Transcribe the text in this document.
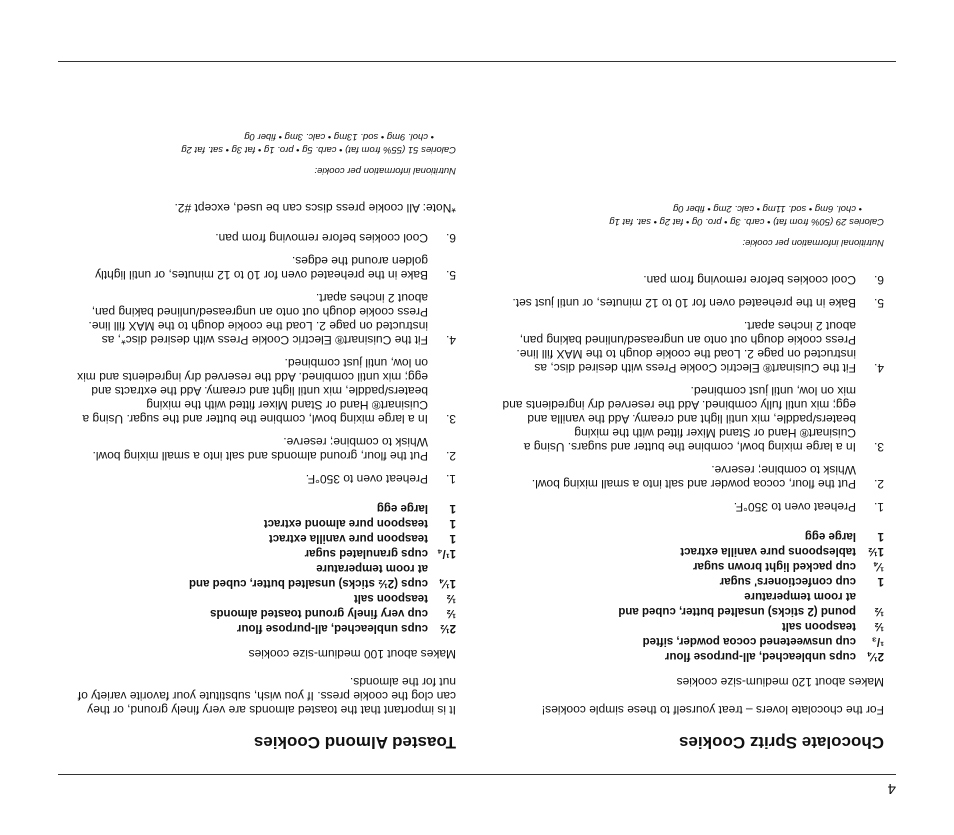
4
Chocolate Spritz Cookies
For the chocolate lovers – treat yourself to these simple cookies!
Makes about 120 medium-size cookies
2¼
cups unbleached, all-purpose flour
¹/₃
cup unsweetened cocoa powder, sifted
½
teaspoon salt
½
pound (2 sticks) unsalted butter, cubed and
at room temperature
1
cup confectioners' sugar
¼
cup packed light brown sugar
1½
tablespoons pure vanilla extract
1
large egg
1.
Preheat oven to 350°F.
2.
Put the flour, cocoa powder and salt into a small mixing bowl. Whisk to combine; reserve.
3.
In a large mixing bowl, combine the butter and sugars. Using a Cuisinart® Hand or Stand Mixer fitted with the mixing beaters/paddle, mix until light and creamy. Add the vanilla and egg; mix until fully combined. Add the reserved dry ingredients and mix on low, until just combined.
4.
Fit the Cuisinart® Electric Cookie Press with desired disc, as instructed on page 2. Load the cookie dough to the MAX fill line. Press cookie dough out onto an ungreased/unlined baking pan, about 2 inches apart.
5.
Bake in the preheated oven for 10 to 12 minutes, or until just set.
6.
Cool cookies before removing from pan.
Nutritional information per cookie:
Calories 29 (50% from fat) • carb. 3g • pro. 0g • fat 2g • sat. fat 1g
• chol. 6mg • sod. 11mg • calc. 2mg • fiber 0g
Toasted Almond Cookies
It is important that the toasted almonds are very finely ground, or they can clog the cookie press. If you wish, substitute your favorite variety of nut for the almonds.
Makes about 100 medium-size cookies
2½
cups unbleached, all-purpose flour
½
cup very finely ground toasted almonds
½
teaspoon salt
1¼
cups (2½ sticks) unsalted butter, cubed and
at room temperature
1¹/₄
cups granulated sugar
1
teaspoon pure vanilla extract
1
teaspoon pure almond extract
1
large egg
1.
Preheat oven to 350°F.
2.
Put the flour, ground almonds and salt into a small mixing bowl. Whisk to combine; reserve.
3.
In a large mixing bowl, combine the butter and the sugar. Using a Cuisinart® Hand or Stand Mixer fitted with the mixing beaters/paddle, mix until light and creamy. Add the extracts and egg; mix until combined. Add the reserved dry ingredients and mix on low, until just combined.
4.
Fit the Cuisinart® Electric Cookie Press with desired disc*, as instructed on page 2. Load the cookie dough to the MAX fill line. Press cookie dough out onto an ungreased/unlined baking pan, about 2 inches apart.
5.
Bake in the preheated oven for 10 to 12 minutes, or until lightly golden around the edges.
6.
Cool cookies before removing from pan.
*Note: All cookie press discs can be used, except #2.
Nutritional information per cookie:
Calories 51 (55% from fat) • carb. 5g • pro. 1g • fat 3g • sat. fat 2g
• chol. 9mg • sod. 13mg • calc. 3mg • fiber 0g
